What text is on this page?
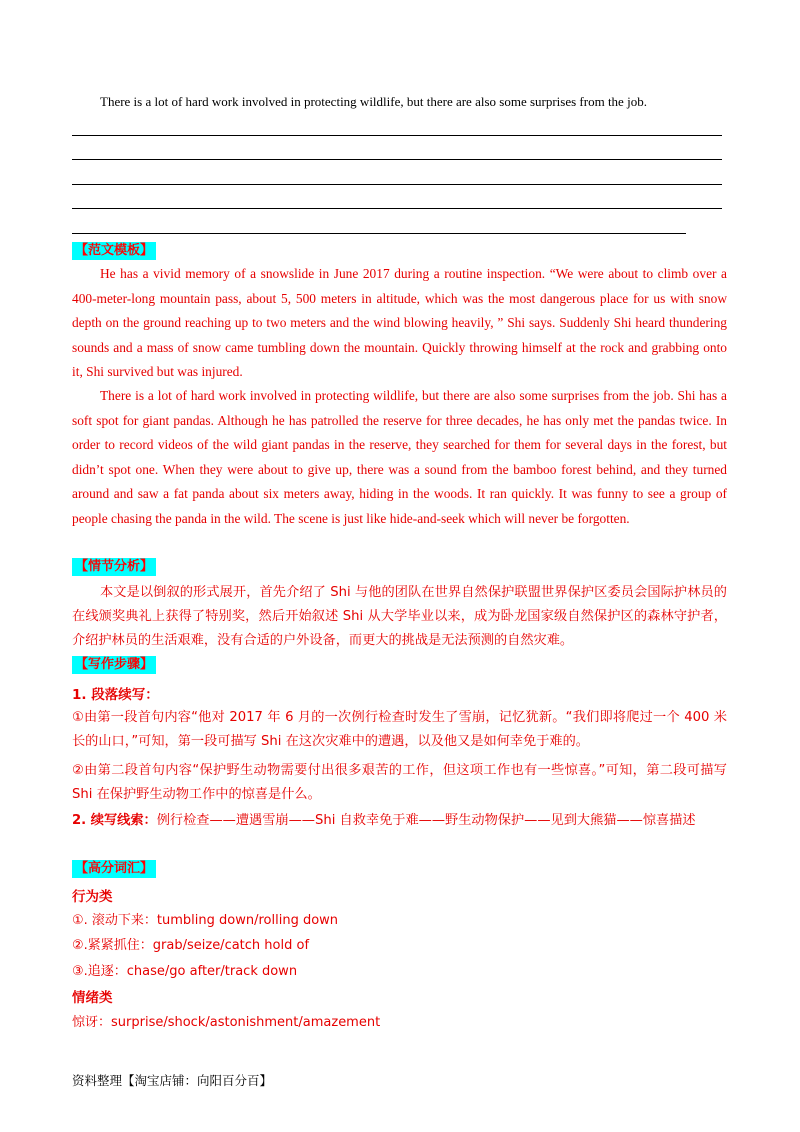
There is a lot of hard work involved in protecting wildlife, but there are also some surprises from the job.
【范文模板】

He has a vivid memory of a snowslide in June 2017 during a routine inspection. “We were about to climb over a 400-meter-long mountain pass, about 5, 500 meters in altitude, which was the most dangerous place for us with snow depth on the ground reaching up to two meters and the wind blowing heavily, ” Shi says. Suddenly Shi heard thundering sounds and a mass of snow came tumbling down the mountain. Quickly throwing himself at the rock and grabbing onto it, Shi survived but was injured.

There is a lot of hard work involved in protecting wildlife, but there are also some surprises from the job. Shi has a soft spot for giant pandas. Although he has patrolled the reserve for three decades, he has only met the pandas twice. In order to record videos of the wild giant pandas in the reserve, they searched for them for several days in the forest, but didn’t spot one. When they were about to give up, there was a sound from the bamboo forest behind, and they turned around and saw a fat panda about six meters away, hiding in the woods. It ran quickly. It was funny to see a group of people chasing the panda in the wild. The scene is just like hide-and-seek which will never be forgotten.

【情节分析】

本文是以倒叙的形式展开，首先介绍了 Shi 与他的团队在世界自然保护联盟世界保护区委员会国际护林员的在线颁奖典礼上获得了特别奖，然后开始叙述 Shi 从大学毕业以来，成为卧龙国家级自然保护区的森林守护者，介绍护林员的生活艰难，没有合适的户外设备，而更大的挑战是无法预测的自然灾难。

【写作步骤】
1. 段落续写：

①由第一段首句内容“他对 2017 年 6 月的一次例行检查时发生了雪崩，记忆犹新。“我们即将爬过一个 400 米长的山口，”可知，第一段可描写 Shi 在这次灾难中的遭遇，以及他又是如何幸免于难的。

②由第二段首句内容“保护野生动物需要付出很多艰苦的工作，但这项工作也有一些惊喜。”可知，第二段可描写 Shi 在保护野生动物工作中的惊喜是什么。

2. 续写线索：例行检查——遭遇雪崩——Shi 自救幸免于难——野生动物保护——见到大熊猫——惊喜描述

【高分词汇】
行为类
①. 滚动下来：tumbling down/rolling down
②.紧紧抓住：grab/seize/catch hold of
③.追逐：chase/go after/track down
情绪类
惊讶：surprise/shock/astonishment/amazement
资料整理【淘宝店铺：向阳百分百】
